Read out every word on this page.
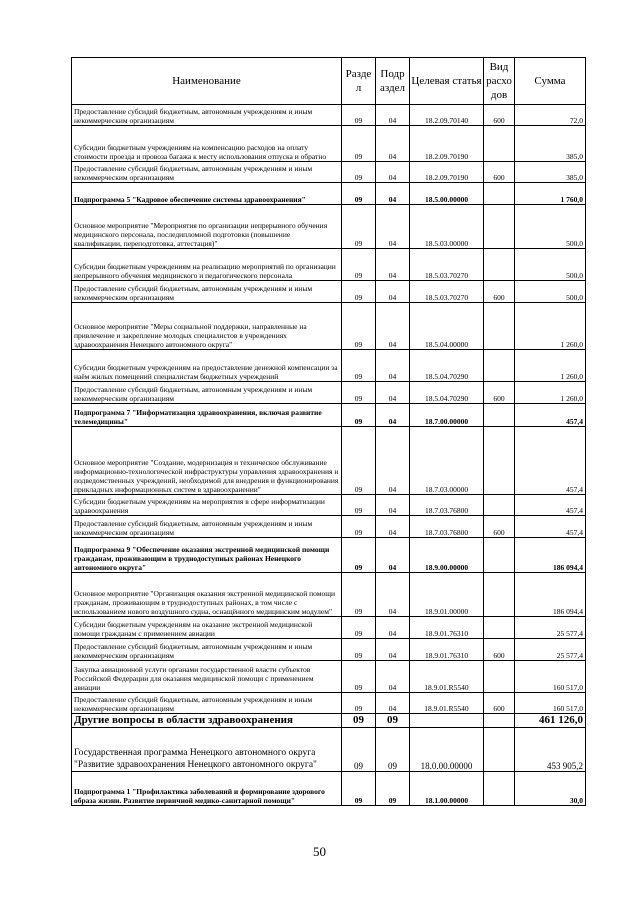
Наименование	Разде л	Подр аздел	Целевая статья	Вид расхо дов	Сумма
Предоставление субсидий бюджетным, автономным учреждениям и иным некоммерческим организациям	09	04	18.2.09.70140	600	72,0
Субсидии бюджетным учреждениям на компенсацию расходов на оплату стоимости проезда и провоза багажа к месту использования отпуска и обратно	09	04	18.2.09.70190		385,0
Предоставление субсидий бюджетным, автономным учреждениям и иным некоммерческим организациям	09	04	18.2.09.70190	600	385,0
Подпрограмма 5 "Кадровое обеспечение системы здравоохранения"	09	04	18.5.00.00000		1 760,0
Основное мероприятие "Мероприятия по организации непрерывного обучения медицинского персонала, последипломной подготовки (повышение квалификации, переподготовка, аттестация)"	09	04	18.5.03.00000		500,0
Субсидии бюджетным учреждениям на реализацию мероприятий по организации непрерывного обучения медицинского и педагогического персонала	09	04	18.5.03.70270		500,0
Предоставление субсидий бюджетным, автономным учреждениям и иным некоммерческим организациям	09	04	18.5.03.70270	600	500,0
Основное мероприятие "Меры социальной поддержки, направленные на привлечение и закрепление молодых специалистов в учреждениях здравоохранения Ненецкого автономного округа"	09	04	18.5.04.00000		1 260,0
Субсидии бюджетным учреждениям на предоставление денежной компенсации за наём жилых помещений специалистам бюджетных учреждений	09	04	18.5.04.70290		1 260,0
Предоставление субсидий бюджетным, автономным учреждениям и иным некоммерческим организациям	09	04	18.5.04.70290	600	1 260,0
Подпрограмма 7 "Информатизация здравоохранения, включая развитие телемедицины"	09	04	18.7.00.00000		457,4
Основное мероприятие "Создание, модернизация и техническое обслуживание информационно-технологической инфраструктуры управления здравоохранения и подведомственных учреждений, необходимой для внедрения и функционирования прикладных информационных систем в здравоохранении"	09	04	18.7.03.00000		457,4
Субсидии бюджетным учреждениям на мероприятия в сфере информатизации здравоохранения	09	04	18.7.03.76800		457,4
Предоставление субсидий бюджетным, автономным учреждениям и иным некоммерческим организациям	09	04	18.7.03.76800	600	457,4
Подпрограмма 9 "Обеспечение оказания экстренной медицинской помощи гражданам, проживающим в труднодоступных районах Ненецкого автономного округа"	09	04	18.9.00.00000		186 094,4
Основное мероприятие "Организация оказания экстренной медицинской помощи гражданам, проживающим в труднодоступных районах, в том числе с использованием нового воздушного судна, оснащённого медицинским модулем"	09	04	18.9.01.00000		186 094,4
Субсидии бюджетным учреждениям на оказание экстренной медицинской помощи гражданам с применением авиации	09	04	18.9.01.76310		25 577,4
Предоставление субсидий бюджетным, автономным учреждениям и иным некоммерческим организациям	09	04	18.9.01.76310	600	25 577,4
Закупка авиационной услуги органами государственной власти субъектов Российской Федерации для оказания медицинской помощи с применением авиации	09	04	18.9.01.R5540		160 517,0
Предоставление субсидий бюджетным, автономным учреждениям и иным некоммерческим организациям	09	04	18.9.01.R5540	600	160 517,0
Другие вопросы в области здравоохранения	09	09			461 126,0
Государственная программа Ненецкого автономного округа "Развитие здравоохранения Ненецкого автономного округа"	09	09	18.0.00.00000		453 905,2
Подпрограмма 1 "Профилактика заболеваний и формирование здорового образа жизни. Развитие первичной медико-санитарной помощи"	09	09	18.1.00.00000		30,0
50
